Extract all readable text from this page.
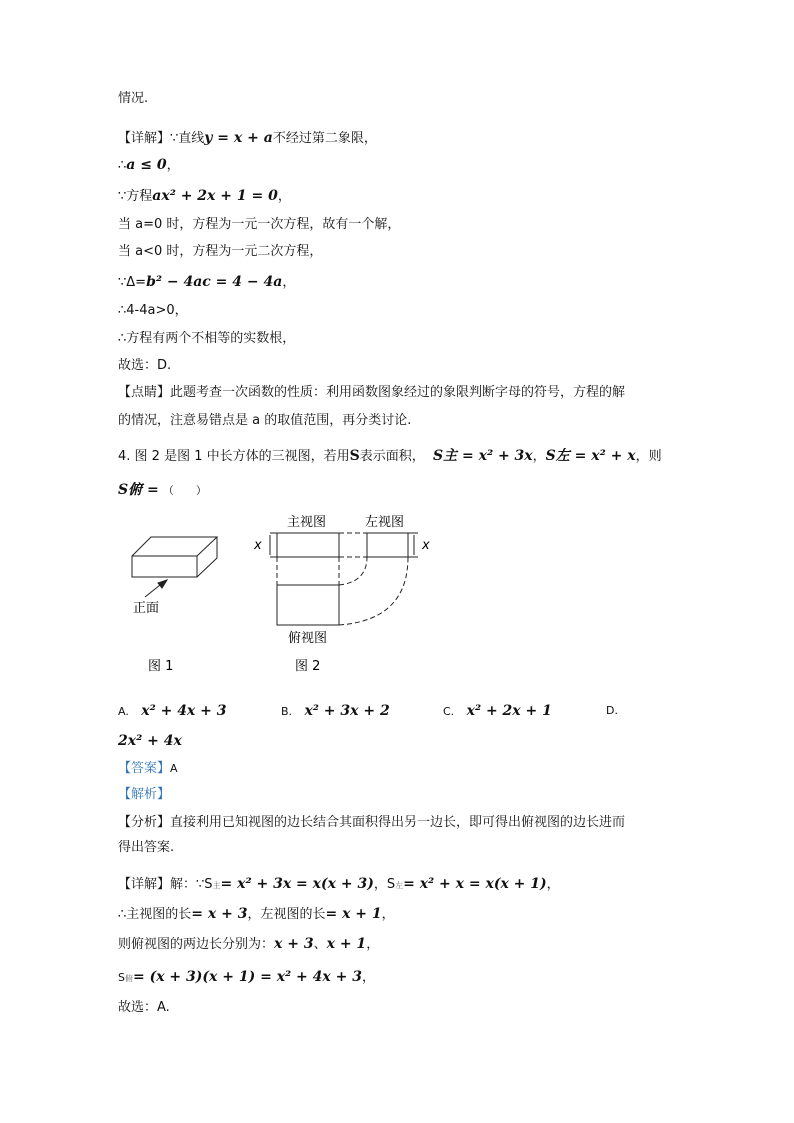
情况.
【详解】∵直线y = x + a不经过第二象限，
∴a ≤ 0，
∵方程ax² + 2x + 1 = 0，
当 a=0 时，方程为一元一次方程，故有一个解，
当 a<0 时，方程为一元二次方程，
∵Δ=b² − 4ac = 4 − 4a，
∴4-4a>0，
∴方程有两个不相等的实数根，
故选：D.
【点睛】此题考查一次函数的性质：利用函数图象经过的象限判断字母的符号，方程的解
的情况，注意易错点是 a 的取值范围，再分类讨论.
4. 图 2 是图 1 中长方体的三视图，若用S表示面积， S主 = x² + 3x，S左 = x² + x，则
S俯 = （　　）
正面
图 1
主视图	左视图
俯视图
x	x
图 2
A. x² + 4x + 3	B. x² + 3x + 2	C. x² + 2x + 1	D.
2x² + 4x
【答案】A
【解析】
【分析】直接利用已知视图的边长结合其面积得出另一边长，即可得出俯视图的边长进而
得出答案.
【详解】解：∵S主= x² + 3x = x(x + 3)，S左= x² + x = x(x + 1)，
∴主视图的长= x + 3，左视图的长= x + 1，
则俯视图的两边长分别为：x + 3、x + 1，
S俯= (x + 3)(x + 1) = x² + 4x + 3，
故选：A.
